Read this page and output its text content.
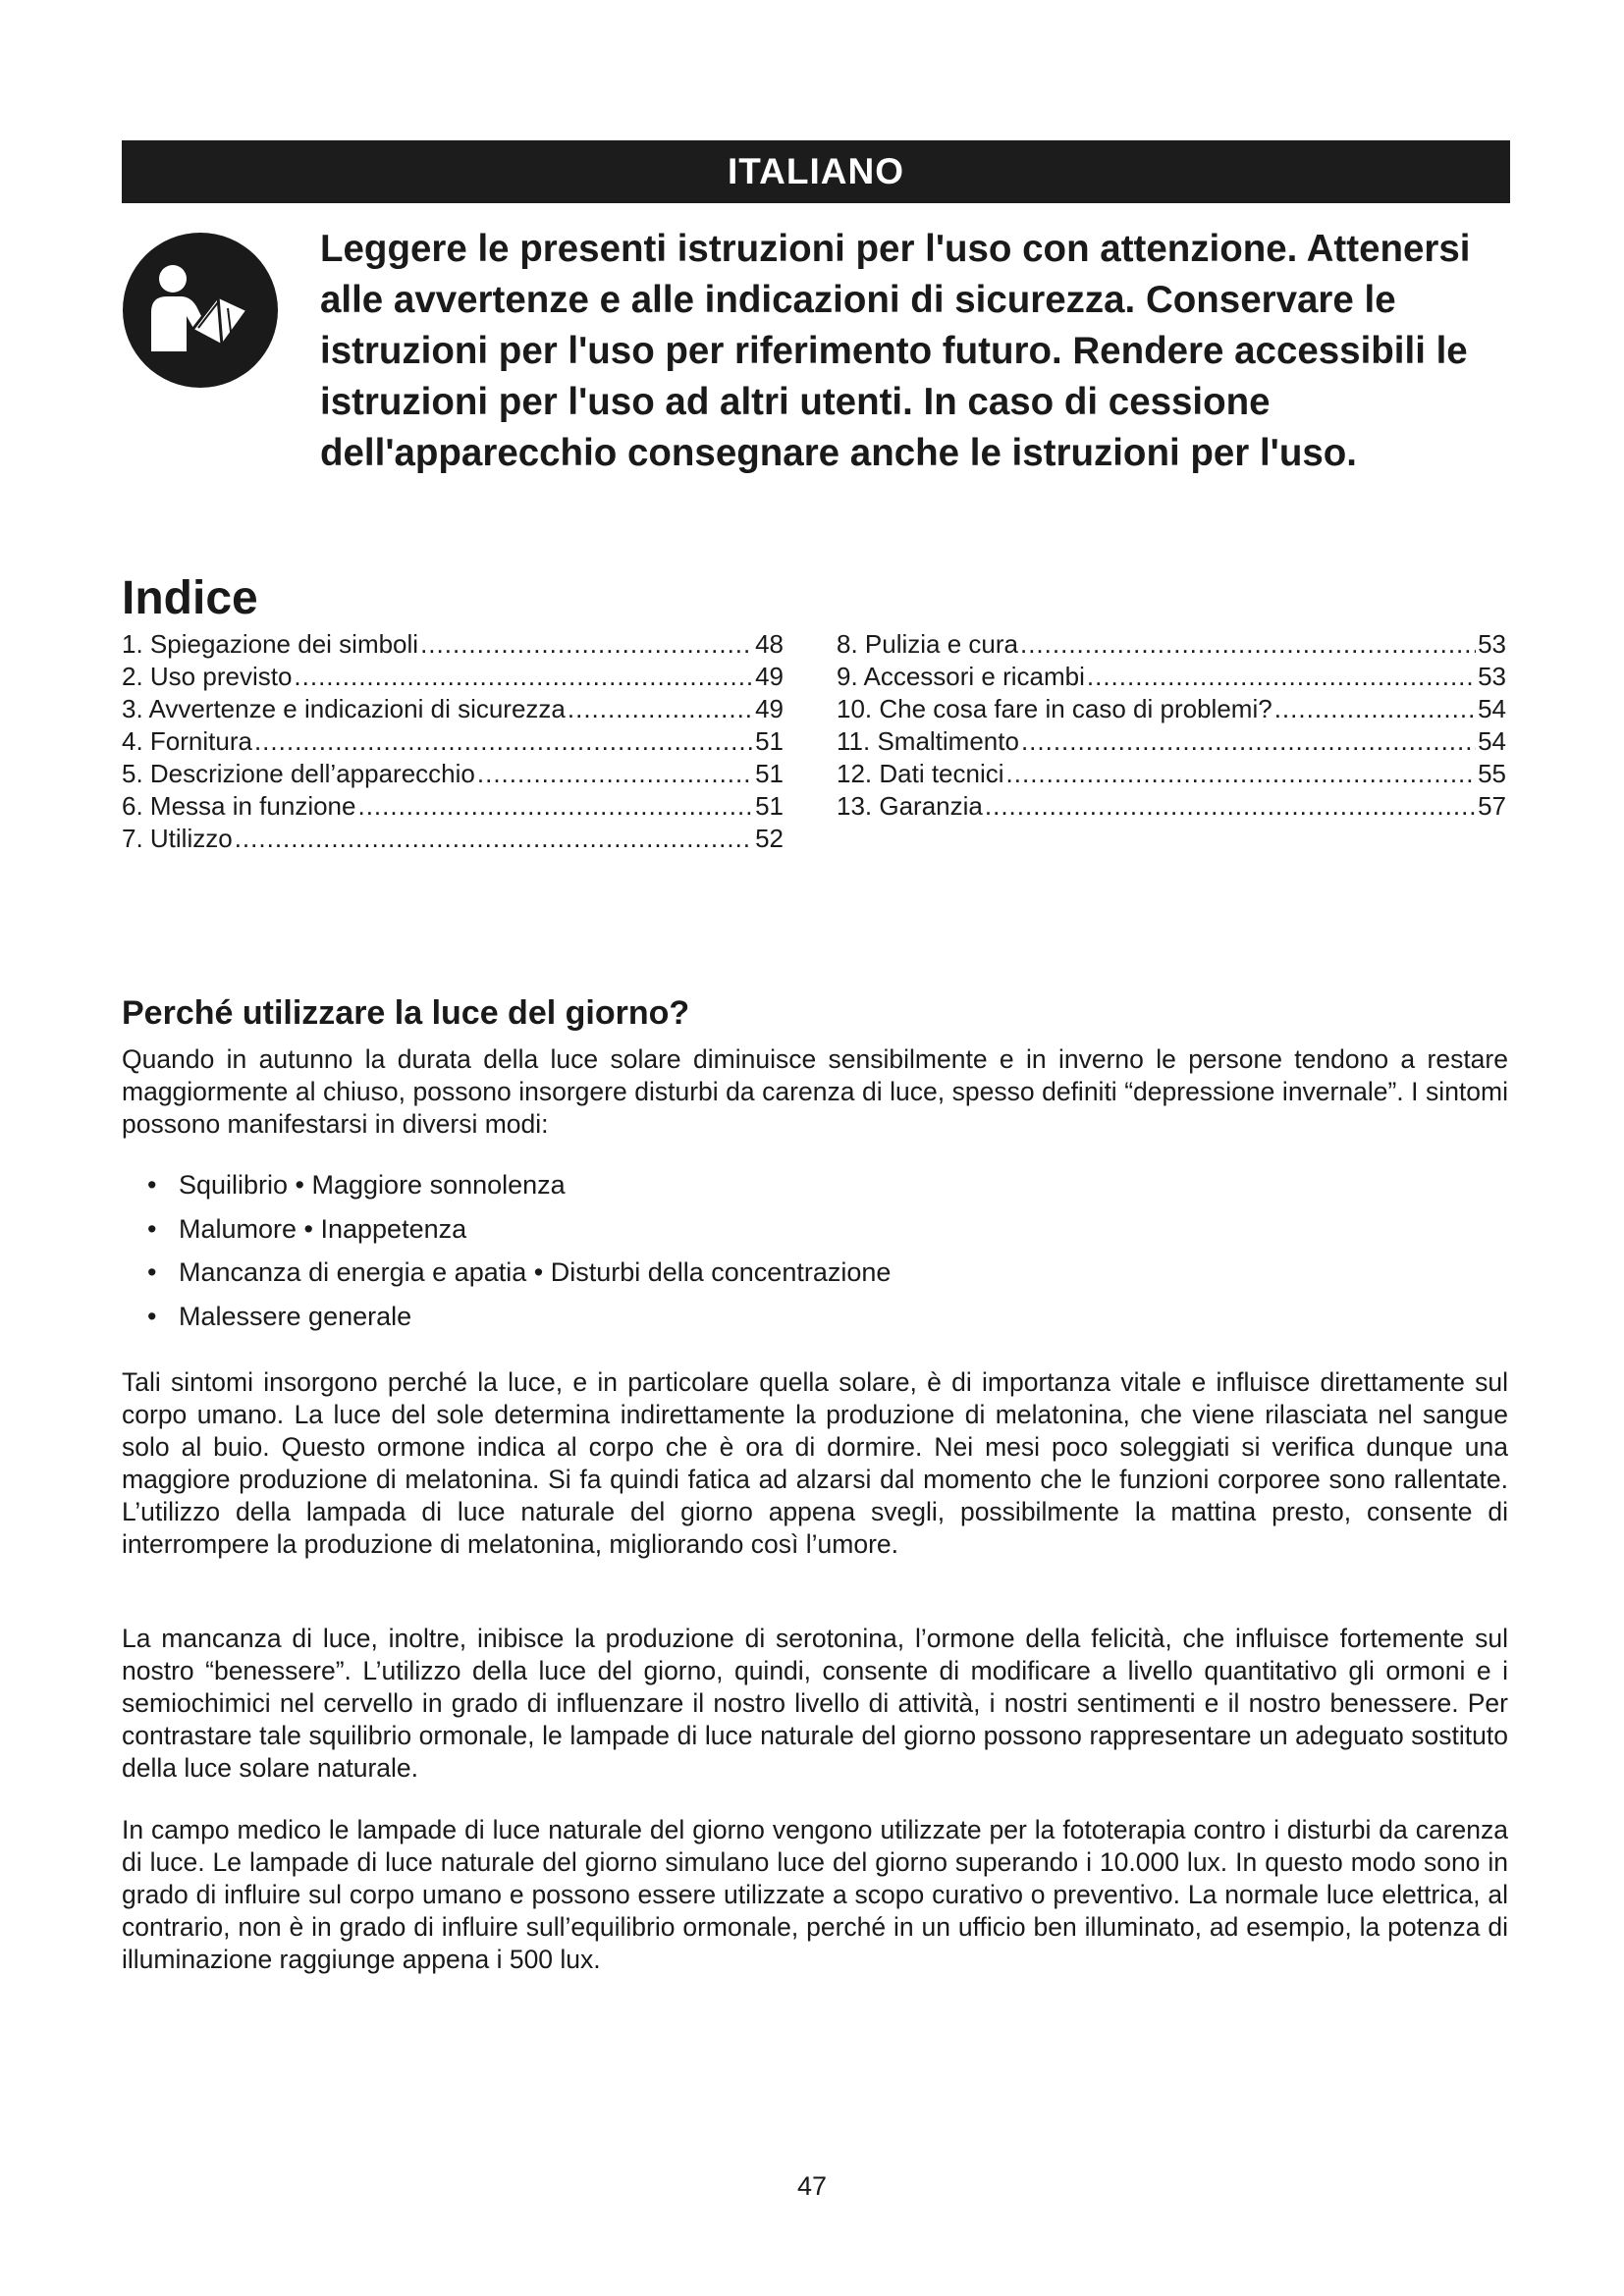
ITALIANO
Leggere le presenti istruzioni per l'uso con attenzione. Attenersi alle avvertenze e alle indicazioni di sicurezza. Conservare le istruzioni per l'uso per riferimento futuro. Rendere accessibili le istruzioni per l'uso ad altri utenti. In caso di cessione dell'apparecchio consegnare anche le istruzioni per l'uso.
Indice
1. Spiegazione dei simboli .....	48
2. Uso previsto .....	49
3. Avvertenze e indicazioni di sicurezza .....	49
4. Fornitura .....	51
5. Descrizione dell’apparecchio .....	51
6. Messa in funzione .....	51
7. Utilizzo .....	52
8. Pulizia e cura .....	53
9. Accessori e ricambi .....	53
10. Che cosa fare in caso di problemi? .....	54
11. Smaltimento .....	54
12. Dati tecnici .....	55
13. Garanzia .....	57
Perché utilizzare la luce del giorno?

Quando in autunno la durata della luce solare diminuisce sensibilmente e in inverno le persone tendono a restare maggiormente al chiuso, possono insorgere disturbi da carenza di luce, spesso definiti “depressione invernale”. I sintomi possono manifestarsi in diversi modi:

• Squilibrio • Maggiore sonnolenza
• Malumore • Inappetenza
• Mancanza di energia e apatia • Disturbi della concentrazione
• Malessere generale

Tali sintomi insorgono perché la luce, e in particolare quella solare, è di importanza vitale e influisce direttamente sul corpo umano. La luce del sole determina indirettamente la produzione di melatonina, che viene rilasciata nel sangue solo al buio. Questo ormone indica al corpo che è ora di dormire. Nei mesi poco soleggiati si verifica dunque una maggiore produzione di melatonina. Si fa quindi fatica ad alzarsi dal momento che le funzioni corporee sono rallentate. L’utilizzo della lampada di luce naturale del giorno appena svegli, possibilmente la mattina presto, consente di interrompere la produzione di melatonina, migliorando così l’umore.

La mancanza di luce, inoltre, inibisce la produzione di serotonina, l’ormone della felicità, che influisce fortemente sul nostro “benessere”. L’utilizzo della luce del giorno, quindi, consente di modificare a livello quantitativo gli ormoni e i semiochimici nel cervello in grado di influenzare il nostro livello di attività, i nostri sentimenti e il nostro benessere. Per contrastare tale squilibrio ormonale, le lampade di luce naturale del giorno possono rappresentare un adeguato sostituto della luce solare naturale.

In campo medico le lampade di luce naturale del giorno vengono utilizzate per la fototerapia contro i disturbi da carenza di luce. Le lampade di luce naturale del giorno simulano luce del giorno superando i 10.000 lux. In questo modo sono in grado di influire sul corpo umano e possono essere utilizzate a scopo curativo o preventivo. La normale luce elettrica, al contrario, non è in grado di influire sull’equilibrio ormonale, perché in un ufficio ben illuminato, ad esempio, la potenza di illuminazione raggiunge appena i 500 lux.

47
